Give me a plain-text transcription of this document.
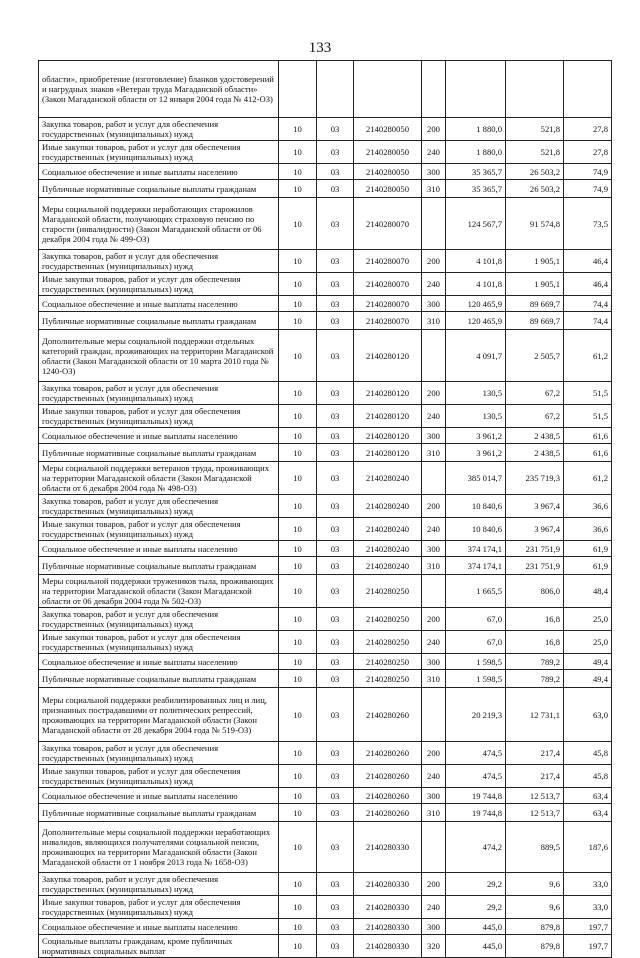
133
области», приобретение (изготовление) бланков удостоверений и нагрудных знаков «Ветеран труда Магаданской области» (Закон Магаданской области от 12 января 2004 года № 412-ОЗ)							
Закупка товаров, работ и услуг для обеспечения государственных (муниципальных) нужд	10	03	2140280050	200	1 880,0	521,8	27,8
Иные закупки товаров, работ и услуг для обеспечения государственных (муниципальных) нужд	10	03	2140280050	240	1 880,0	521,8	27,8
Социальное обеспечение и иные выплаты населению	10	03	2140280050	300	35 365,7	26 503,2	74,9
Публичные нормативные социальные выплаты гражданам	10	03	2140280050	310	35 365,7	26 503,2	74,9
Меры социальной поддержки неработающих старожилов Магаданской области, получающих страховую пенсию по старости (инвалидности) (Закон Магаданской области от 06 декабря 2004 года № 499-ОЗ)	10	03	2140280070		124 567,7	91 574,8	73,5
Закупка товаров, работ и услуг для обеспечения государственных (муниципальных) нужд	10	03	2140280070	200	4 101,8	1 905,1	46,4
Иные закупки товаров, работ и услуг для обеспечения государственных (муниципальных) нужд	10	03	2140280070	240	4 101,8	1 905,1	46,4
Социальное обеспечение и иные выплаты населению	10	03	2140280070	300	120 465,9	89 669,7	74,4
Публичные нормативные социальные выплаты гражданам	10	03	2140280070	310	120 465,9	89 669,7	74,4
Дополнительные меры социальной поддержки отдельных категорий граждан, проживающих на территории Магаданской области (Закон Магаданской области от 10 марта 2010 года № 1240-ОЗ)	10	03	2140280120		4 091,7	2 505,7	61,2
Закупка товаров, работ и услуг для обеспечения государственных (муниципальных) нужд	10	03	2140280120	200	130,5	67,2	51,5
Иные закупки товаров, работ и услуг для обеспечения государственных (муниципальных) нужд	10	03	2140280120	240	130,5	67,2	51,5
Социальное обеспечение и иные выплаты населению	10	03	2140280120	300	3 961,2	2 438,5	61,6
Публичные нормативные социальные выплаты гражданам	10	03	2140280120	310	3 961,2	2 438,5	61,6
Меры социальной поддержки ветеранов труда, проживающих на территории Магаданской области (Закон Магаданской области от 6 декабря 2004 года № 498-ОЗ)	10	03	2140280240		385 014,7	235 719,3	61,2
Закупка товаров, работ и услуг для обеспечения государственных (муниципальных) нужд	10	03	2140280240	200	10 840,6	3 967,4	36,6
Иные закупки товаров, работ и услуг для обеспечения государственных (муниципальных) нужд	10	03	2140280240	240	10 840,6	3 967,4	36,6
Социальное обеспечение и иные выплаты населению	10	03	2140280240	300	374 174,1	231 751,9	61,9
Публичные нормативные социальные выплаты гражданам	10	03	2140280240	310	374 174,1	231 751,9	61,9
Меры социальной поддержки тружеников тыла, проживающих на территории Магаданской области (Закон Магаданской области от 06 декабря 2004 года № 502-ОЗ)	10	03	2140280250		1 665,5	806,0	48,4
Закупка товаров, работ и услуг для обеспечения государственных (муниципальных) нужд	10	03	2140280250	200	67,0	16,8	25,0
Иные закупки товаров, работ и услуг для обеспечения государственных (муниципальных) нужд	10	03	2140280250	240	67,0	16,8	25,0
Социальное обеспечение и иные выплаты населению	10	03	2140280250	300	1 598,5	789,2	49,4
Публичные нормативные социальные выплаты гражданам	10	03	2140280250	310	1 598,5	789,2	49,4
Меры социальной поддержки реабилитированных лиц и лиц, признанных пострадавшими от политических репрессий, проживающих на территории Магаданской области (Закон Магаданской области от 28 декабря 2004 года № 519-ОЗ)	10	03	2140280260		20 219,3	12 731,1	63,0
Закупка товаров, работ и услуг для обеспечения государственных (муниципальных) нужд	10	03	2140280260	200	474,5	217,4	45,8
Иные закупки товаров, работ и услуг для обеспечения государственных (муниципальных) нужд	10	03	2140280260	240	474,5	217,4	45,8
Социальное обеспечение и иные выплаты населению	10	03	2140280260	300	19 744,8	12 513,7	63,4
Публичные нормативные социальные выплаты гражданам	10	03	2140280260	310	19 744,8	12 513,7	63,4
Дополнительные меры социальной поддержки неработающих инвалидов, являющихся получателями социальной пенсии, проживающих на территории Магаданской области (Закон Магаданской области от 1 ноября 2013 года № 1658-ОЗ)	10	03	2140280330		474,2	889,5	187,6
Закупка товаров, работ и услуг для обеспечения государственных (муниципальных) нужд	10	03	2140280330	200	29,2	9,6	33,0
Иные закупки товаров, работ и услуг для обеспечения государственных (муниципальных) нужд	10	03	2140280330	240	29,2	9,6	33,0
Социальное обеспечение и иные выплаты населению	10	03	2140280330	300	445,0	879,8	197,7
Социальные выплаты гражданам, кроме публичных нормативных социальных выплат	10	03	2140280330	320	445,0	879,8	197,7
